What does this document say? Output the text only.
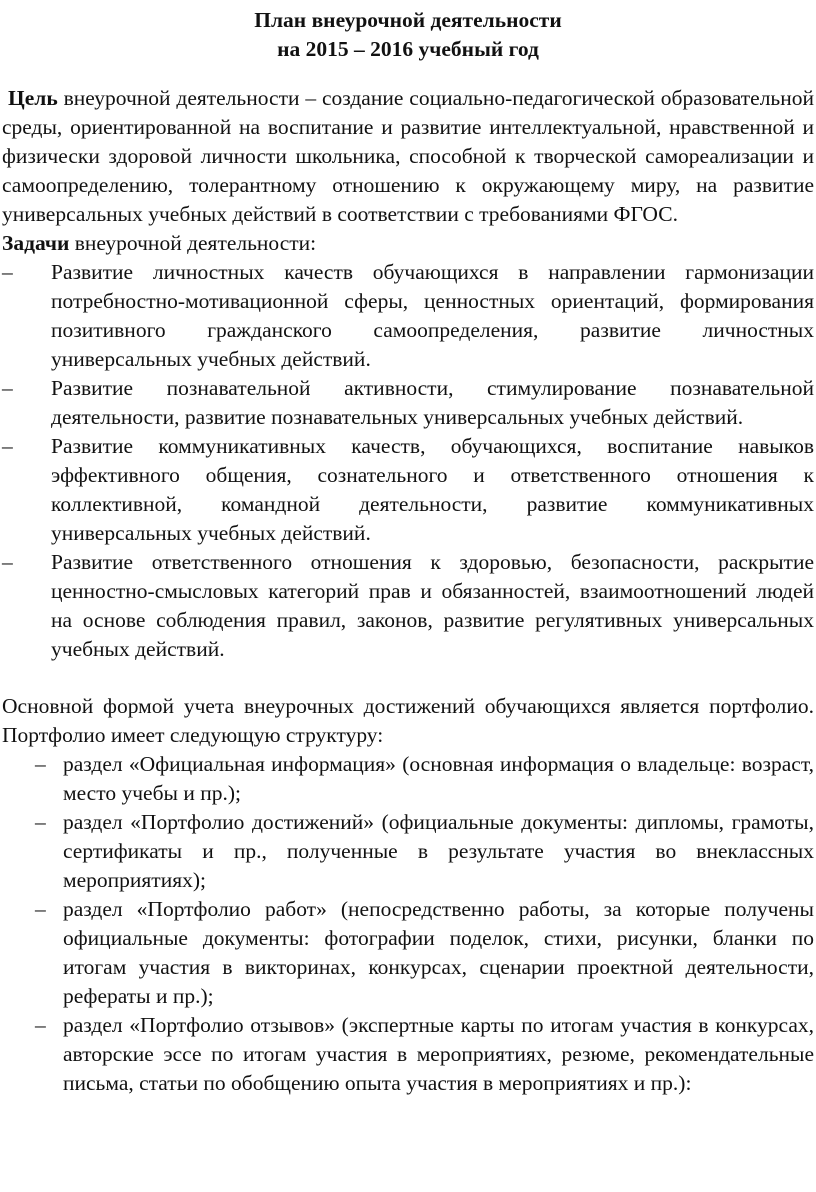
План внеурочной деятельности

на 2015 – 2016 учебный год

Цель внеурочной деятельности – создание социально-педагогической образовательной среды, ориентированной на воспитание и развитие интеллектуальной, нравственной и физически здоровой личности школьника, способной к творческой самореализации и самоопределению, толерантному отношению к окружающему миру, на развитие универсальных учебных действий в соответствии с требованиями ФГОС.

Задачи внеурочной деятельности:

–	Развитие личностных качеств обучающихся в направлении гармонизации потребностно-мотивационной сферы, ценностных ориентаций, формирования позитивного гражданского самоопределения, развитие личностных универсальных учебных действий.
–	Развитие познавательной активности, стимулирование познавательной деятельности, развитие познавательных универсальных учебных действий.
–	Развитие коммуникативных качеств, обучающихся, воспитание навыков эффективного общения, сознательного и ответственного отношения к коллективной, командной деятельности, развитие коммуникативных универсальных учебных действий.
–	Развитие ответственного отношения к здоровью, безопасности, раскрытие ценностно-смысловых категорий прав и обязанностей, взаимоотношений людей на основе соблюдения правил, законов, развитие регулятивных универсальных учебных действий.

Основной формой учета внеурочных достижений обучающихся является портфолио. Портфолио имеет следующую структуру:

– раздел «Официальная информация» (основная информация о владельце: возраст, место учебы и пр.);
– раздел «Портфолио достижений» (официальные документы: дипломы, грамоты, сертификаты и пр., полученные в результате участия во внеклассных мероприятиях);
– раздел «Портфолио работ» (непосредственно работы, за которые получены официальные документы: фотографии поделок, стихи, рисунки, бланки по итогам участия в викторинах, конкурсах, сценарии проектной деятельности, рефераты и пр.);
– раздел «Портфолио отзывов» (экспертные карты по итогам участия в конкурсах, авторские эссе по итогам участия в мероприятиях, резюме, рекомендательные письма, статьи по обобщению опыта участия в мероприятиях и пр.):
